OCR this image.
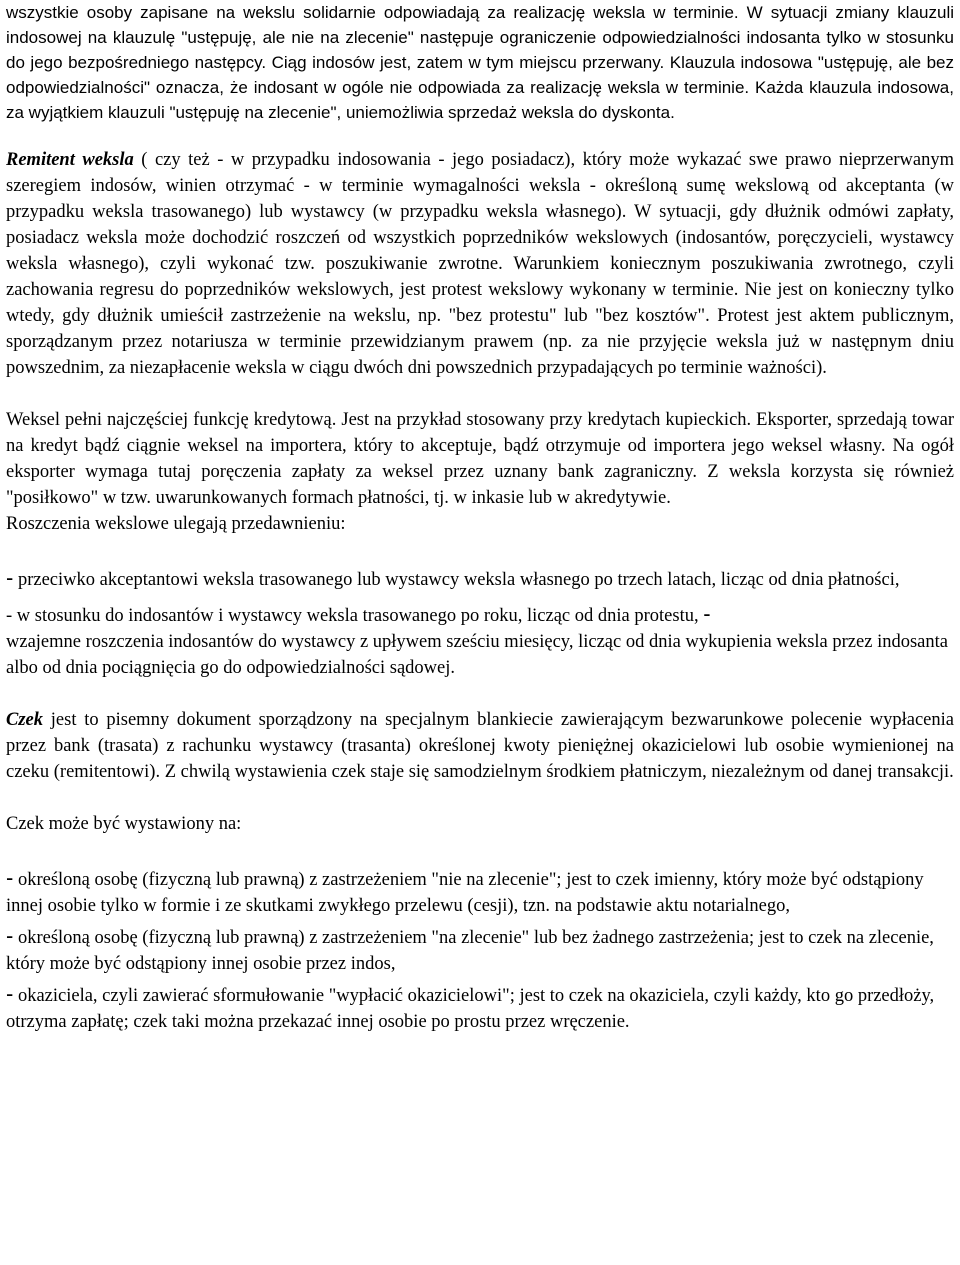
wszystkie osoby zapisane na wekslu solidarnie odpowiadają za realizację weksla w terminie. W sytuacji zmiany klauzuli indosowej na klauzulę "ustępuję, ale nie na zlecenie" następuje ograniczenie odpowiedzialności indosanta tylko w stosunku do jego bezpośredniego następcy. Ciąg indosów jest, zatem w tym miejscu przerwany. Klauzula indosowa "ustępuję, ale bez odpowiedzialności" oznacza, że indosant w ogóle nie odpowiada za realizację weksla w terminie. Każda klauzula indosowa, za wyjątkiem klauzuli "ustępuję na zlecenie", uniemożliwia sprzedaż weksla do dyskonta.

Remitent weksla ( czy też - w przypadku indosowania - jego posiadacz), który może wykazać swe prawo nieprzerwanym szeregiem indosów, winien otrzymać - w terminie wymagalności weksla - określoną sumę wekslową od akceptanta (w przypadku weksla trasowanego) lub wystawcy (w przypadku weksla własnego). W sytuacji, gdy dłużnik odmówi zapłaty, posiadacz weksla może dochodzić roszczeń od wszystkich poprzedników wekslowych (indosantów, poręczycieli, wystawcy weksla własnego), czyli wykonać tzw. poszukiwanie zwrotne. Warunkiem koniecznym poszukiwania zwrotnego, czyli zachowania regresu do poprzedników wekslowych, jest protest wekslowy wykonany w terminie. Nie jest on konieczny tylko wtedy, gdy dłużnik umieścił zastrzeżenie na wekslu, np. "bez protestu" lub "bez kosztów". Protest jest aktem publicznym, sporządzanym przez notariusza w terminie przewidzianym prawem (np. za nie przyjęcie weksla już w następnym dniu powszednim, za niezapłacenie weksla w ciągu dwóch dni powszednich przypadających po terminie ważności).

Weksel pełni najczęściej funkcję kredytową. Jest na przykład stosowany przy kredytach kupieckich. Eksporter, sprzedają towar na kredyt bądź ciągnie weksel na importera, który to akceptuje, bądź otrzymuje od importera jego weksel własny. Na ogół eksporter wymaga tutaj poręczenia zapłaty za weksel przez uznany bank zagraniczny. Z weksla korzysta się również "posiłkowo" w tzw. uwarunkowanych formach płatności, tj. w inkasie lub w akredytywie.

Roszczenia wekslowe ulegają przedawnieniu:

- przeciwko akceptantowi weksla trasowanego lub wystawcy weksla własnego po trzech latach, licząc od dnia płatności,

- w stosunku do indosantów i wystawcy weksla trasowanego po roku, licząc od dnia protestu, -
wzajemne roszczenia indosantów do wystawcy z upływem sześciu miesięcy, licząc od dnia wykupienia weksla przez indosanta albo od dnia pociągnięcia go do odpowiedzialności sądowej.

Czek jest to pisemny dokument sporządzony na specjalnym blankiecie zawierającym bezwarunkowe polecenie wypłacenia przez bank (trasata) z rachunku wystawcy (trasanta) określonej kwoty pieniężnej okazicielowi lub osobie wymienionej na czeku (remitentowi). Z chwilą wystawienia czek staje się samodzielnym środkiem płatniczym, niezależnym od danej transakcji.

Czek może być wystawiony na:

- określoną osobę (fizyczną lub prawną) z zastrzeżeniem "nie na zlecenie"; jest to czek imienny, który może być odstąpiony innej osobie tylko w formie i ze skutkami zwykłego przelewu (cesji), tzn. na podstawie aktu notarialnego,

- określoną osobę (fizyczną lub prawną) z zastrzeżeniem "na zlecenie" lub bez żadnego zastrzeżenia; jest to czek na zlecenie, który może być odstąpiony innej osobie przez indos,

- okaziciela, czyli zawierać sformułowanie "wypłacić okazicielowi"; jest to czek na okaziciela, czyli każdy, kto go przedłoży, otrzyma zapłatę; czek taki można przekazać innej osobie po prostu przez wręczenie.
